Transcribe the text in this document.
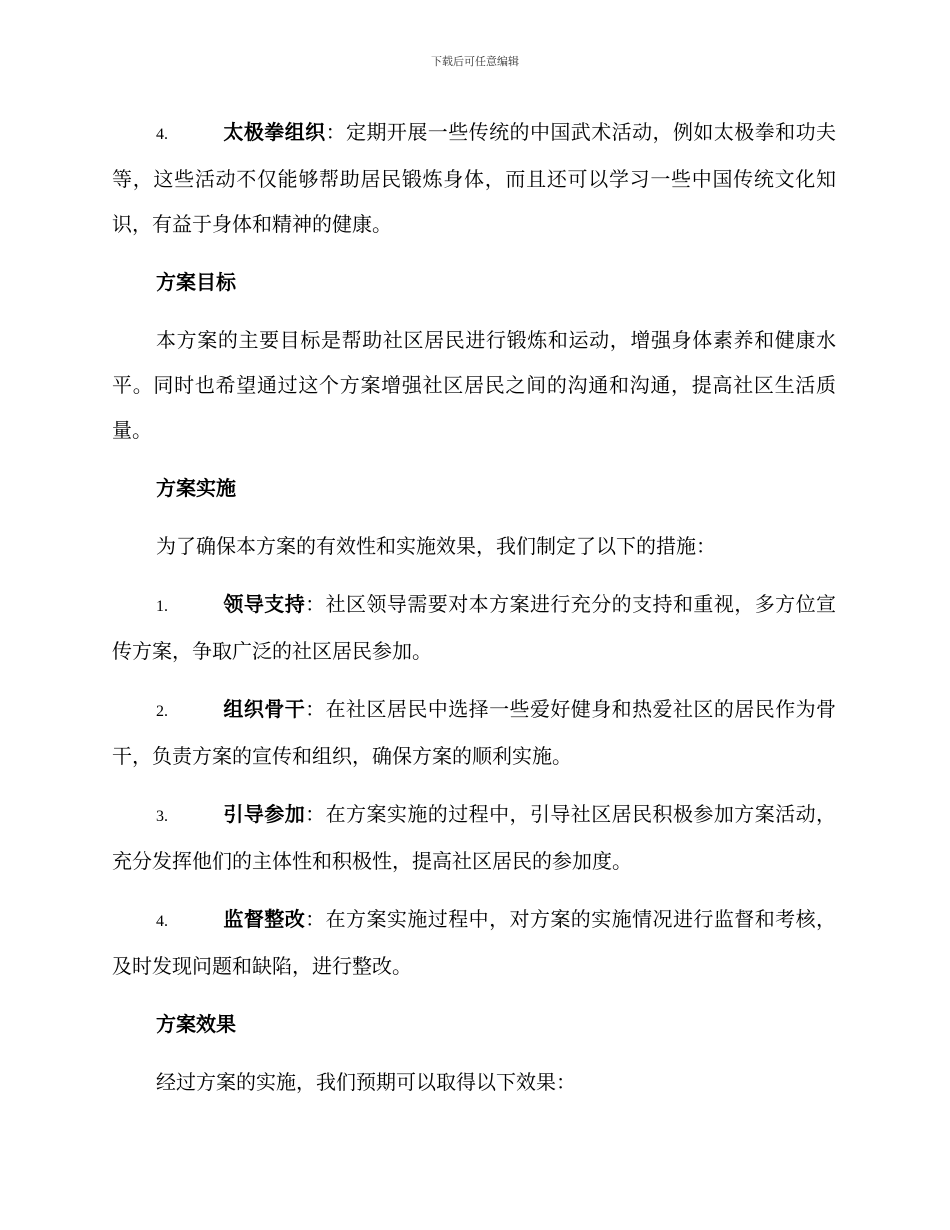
下载后可任意编辑

4.	太极拳组织：定期开展一些传统的中国武术活动，例如太极拳和功夫等，这些活动不仅能够帮助居民锻炼身体，而且还可以学习一些中国传统文化知识，有益于身体和精神的健康。

方案目标

本方案的主要目标是帮助社区居民进行锻炼和运动，增强身体素养和健康水平。同时也希望通过这个方案增强社区居民之间的沟通和沟通，提高社区生活质量。

方案实施

为了确保本方案的有效性和实施效果，我们制定了以下的措施：

1.	领导支持：社区领导需要对本方案进行充分的支持和重视，多方位宣传方案，争取广泛的社区居民参加。

2.	组织骨干：在社区居民中选择一些爱好健身和热爱社区的居民作为骨干，负责方案的宣传和组织，确保方案的顺利实施。

3.	引导参加：在方案实施的过程中，引导社区居民积极参加方案活动，充分发挥他们的主体性和积极性，提高社区居民的参加度。

4.	监督整改：在方案实施过程中，对方案的实施情况进行监督和考核，及时发现问题和缺陷，进行整改。

方案效果

经过方案的实施，我们预期可以取得以下效果：
